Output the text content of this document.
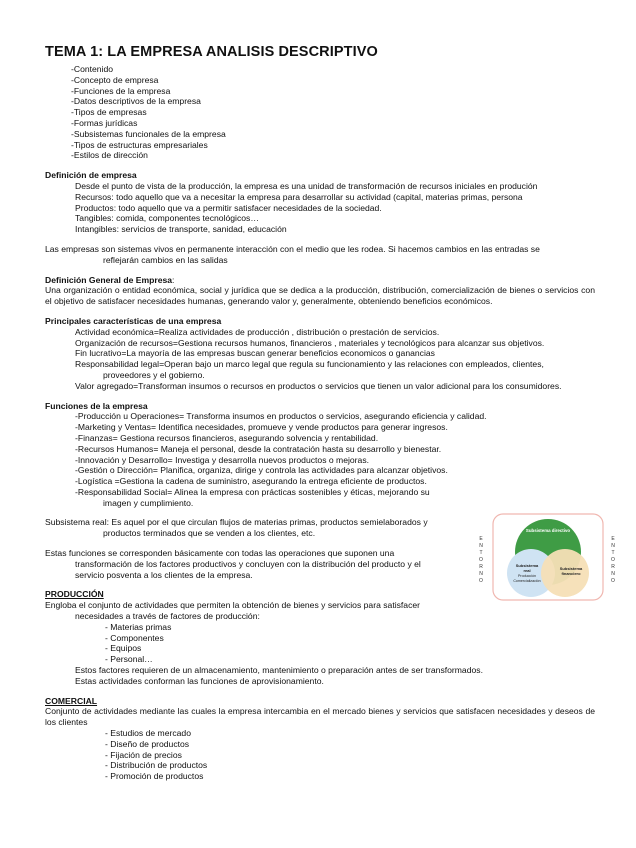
TEMA 1: LA EMPRESA ANALISIS DESCRIPTIVO

-Contenido

-Concepto de empresa

-Funciones de la empresa

-Datos descriptivos de la empresa

-Tipos de empresas

-Formas jurídicas

-Subsistemas funcionales de la empresa

-Tipos de estructuras empresariales

-Estilos de dirección

Definición de empresa

Desde el punto de vista de la producción, la empresa es una unidad de transformación de recursos iniciales en produción

Recursos: todo aquello que va a necesitar la empresa para desarrollar su actividad (capital, materias primas, persona

Productos: todo aquello que va a permitir satisfacer necesidades de la sociedad.

Tangibles: comida, componentes tecnológicos…

Intangibles: servicios de transporte, sanidad, educación

Las empresas son sistemas vivos en permanente interacción con el medio que les rodea. Si hacemos cambios en las entradas se

reflejarán cambios en las salidas

Definición General de Empresa:

Una organización o entidad económica, social y jurídica que se dedica a la producción, distribución, comercialización de bienes o servicios con el objetivo de satisfacer necesidades humanas, generando valor y, generalmente, obteniendo beneficios económicos.

Principales características de una empresa

Actividad económica=Realiza actividades de producción , distribución o prestación de servicios.

Organización de recursos=Gestiona recursos humanos, financieros , materiales y tecnológicos para alcanzar sus objetivos.

Fin lucrativo=La mayoría de las empresas buscan generar beneficios economicos o ganancias

Responsabilidad legal=Operan bajo un marco legal que regula su funcionamiento y las relaciones con empleados, clientes,

proveedores y el gobierno.

Valor agregado=Transforman insumos o recursos en productos o servicios que tienen un valor adicional para los consumidores.

Funciones de la empresa

-Producción u Operaciones= Transforma insumos en productos o servicios, asegurando eficiencia y calidad.

-Marketing y Ventas= Identifica necesidades, promueve y vende productos para generar ingresos.

-Finanzas= Gestiona recursos financieros, asegurando solvencia y rentabilidad.

-Recursos Humanos= Maneja el personal, desde la contratación hasta su desarrollo y bienestar.

-Innovación y Desarrollo= Investiga y desarrolla nuevos productos o mejoras.

-Gestión o Dirección= Planifica, organiza, dirige y controla las actividades para alcanzar objetivos.

-Logística =Gestiona la cadena de suministro, asegurando la entrega eficiente de productos.

-Responsabilidad Social= Alinea la empresa con prácticas sostenibles y éticas, mejorando su

imagen y cumplimiento.

Subsistema real: Es aquel por el que circulan flujos de materias primas, productos semielaborados y

productos terminados que se venden a los clientes, etc.

Estas funciones se corresponden básicamente con todas las operaciones que suponen una

transformación de los factores productivos y concluyen con la distribución del producto y el

servicio posventa a los clientes de la empresa.

PRODUCCIÓN

Engloba el conjunto de actividades que permiten la obtención de bienes y servicios para satisfacer

necesidades a través de factores de producción:

- Materias primas

- Componentes

- Equipos

- Personal…

Estos factores requieren de un almacenamiento, mantenimiento o preparación antes de ser transformados.

Estas actividades conforman las funciones de aprovisionamiento.

COMERCIAL

Conjunto de actividades mediante las cuales la empresa intercambia en el mercado bienes y servicios que satisfacen necesidades y deseos de los clientes

- Estudios de mercado

- Diseño de productos

- Fijación de precios

- Distribución de productos

- Promoción de productos

Subsistema directivo
Subsistema
real
Producción
Comercialización
Subsistema
financiero
E
N
T
O
R
N
O
E
N
T
O
R
N
O
